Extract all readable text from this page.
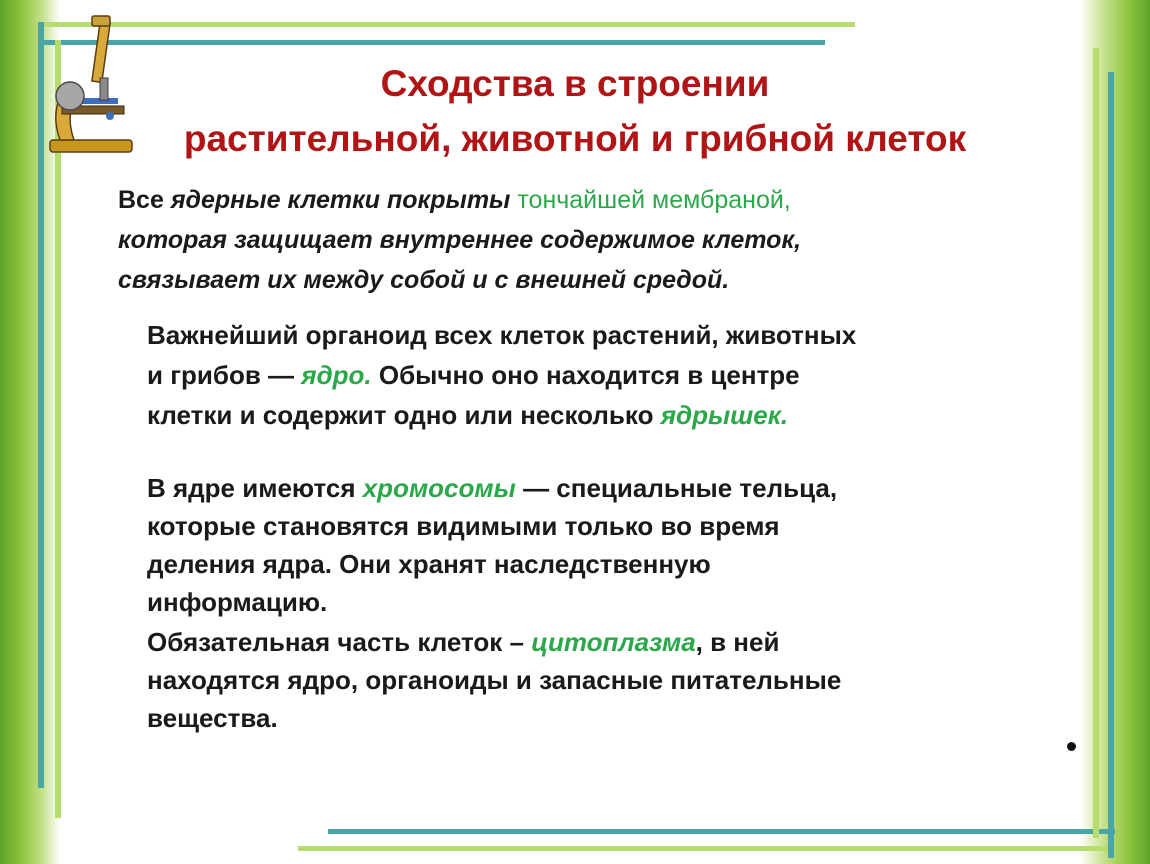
Сходства в строении
растительной, животной и грибной клеток
Все ядерные клетки покрыты тончайшей мембраной,
которая защищает внутреннее содержимое клеток,
связывает их между собой и с внешней средой.
Важнейший органоид всех клеток растений, животных
и грибов — ядро. Обычно оно находится в центре
клетки и содержит одно или несколько ядрышек.
В ядре имеются хромосомы — специальные тельца,
которые становятся видимыми только во время
деления ядра. Они хранят наследственную
информацию.
Обязательная часть клеток – цитоплазма, в ней
находятся ядро, органоиды и запасные питательные
вещества.
